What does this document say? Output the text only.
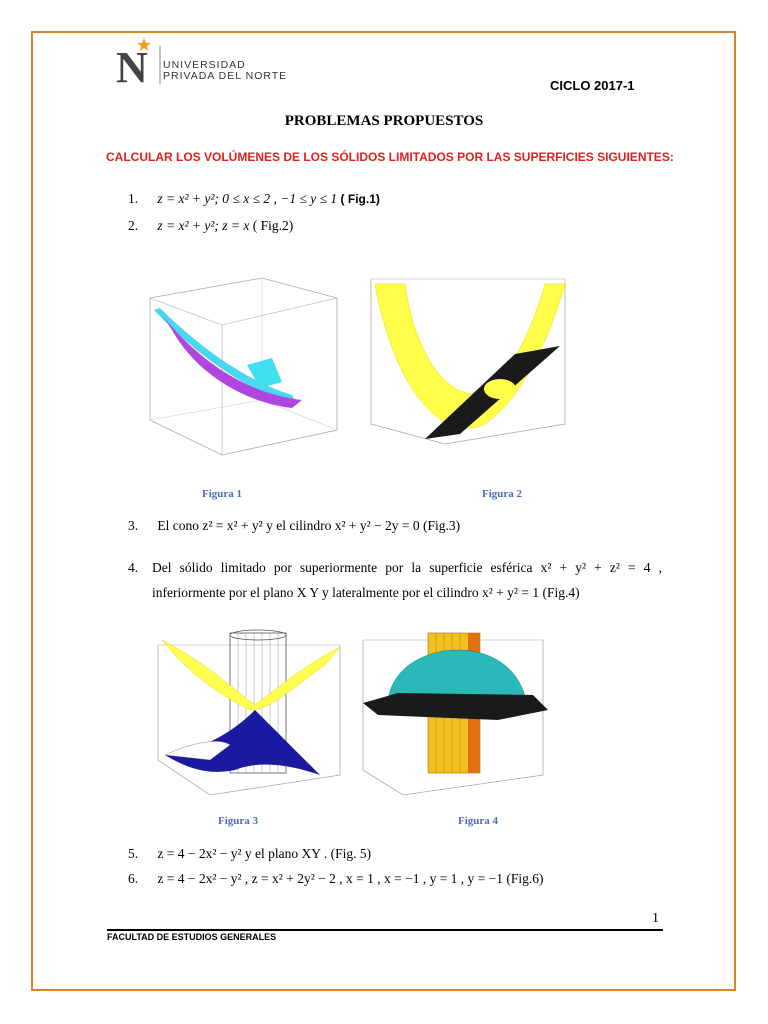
N UNIVERSIDAD
PRIVADA DEL NORTE
CICLO 2017-1
PROBLEMAS PROPUESTOS
CALCULAR LOS VOLÚMENES DE LOS SÓLIDOS LIMITADOS POR LAS SUPERFICIES SIGUIENTES:
1. z = x² + y²; 0 ≤ x ≤ 2 , −1 ≤ y ≤ 1 ( Fig.1)
2. z = x² + y²; z = x ( Fig.2)
Figura 1	Figura 2
3. El cono z² = x² + y² y el cilindro x² + y² − 2y = 0 (Fig.3)
4. Del sólido limitado por superiormente por la superficie esférica x² + y² + z² = 4 ,
inferiormente por el plano X Y y lateralmente por el cilindro x² + y² = 1 (Fig.4)
Figura 3	Figura 4
5. z = 4 − 2x² − y² y el plano XY . (Fig. 5)
6. z = 4 − 2x² − y² , z = x² + 2y² − 2 , x = 1 , x = −1 , y = 1 , y = −1 (Fig.6)
1
FACULTAD DE ESTUDIOS GENERALES
